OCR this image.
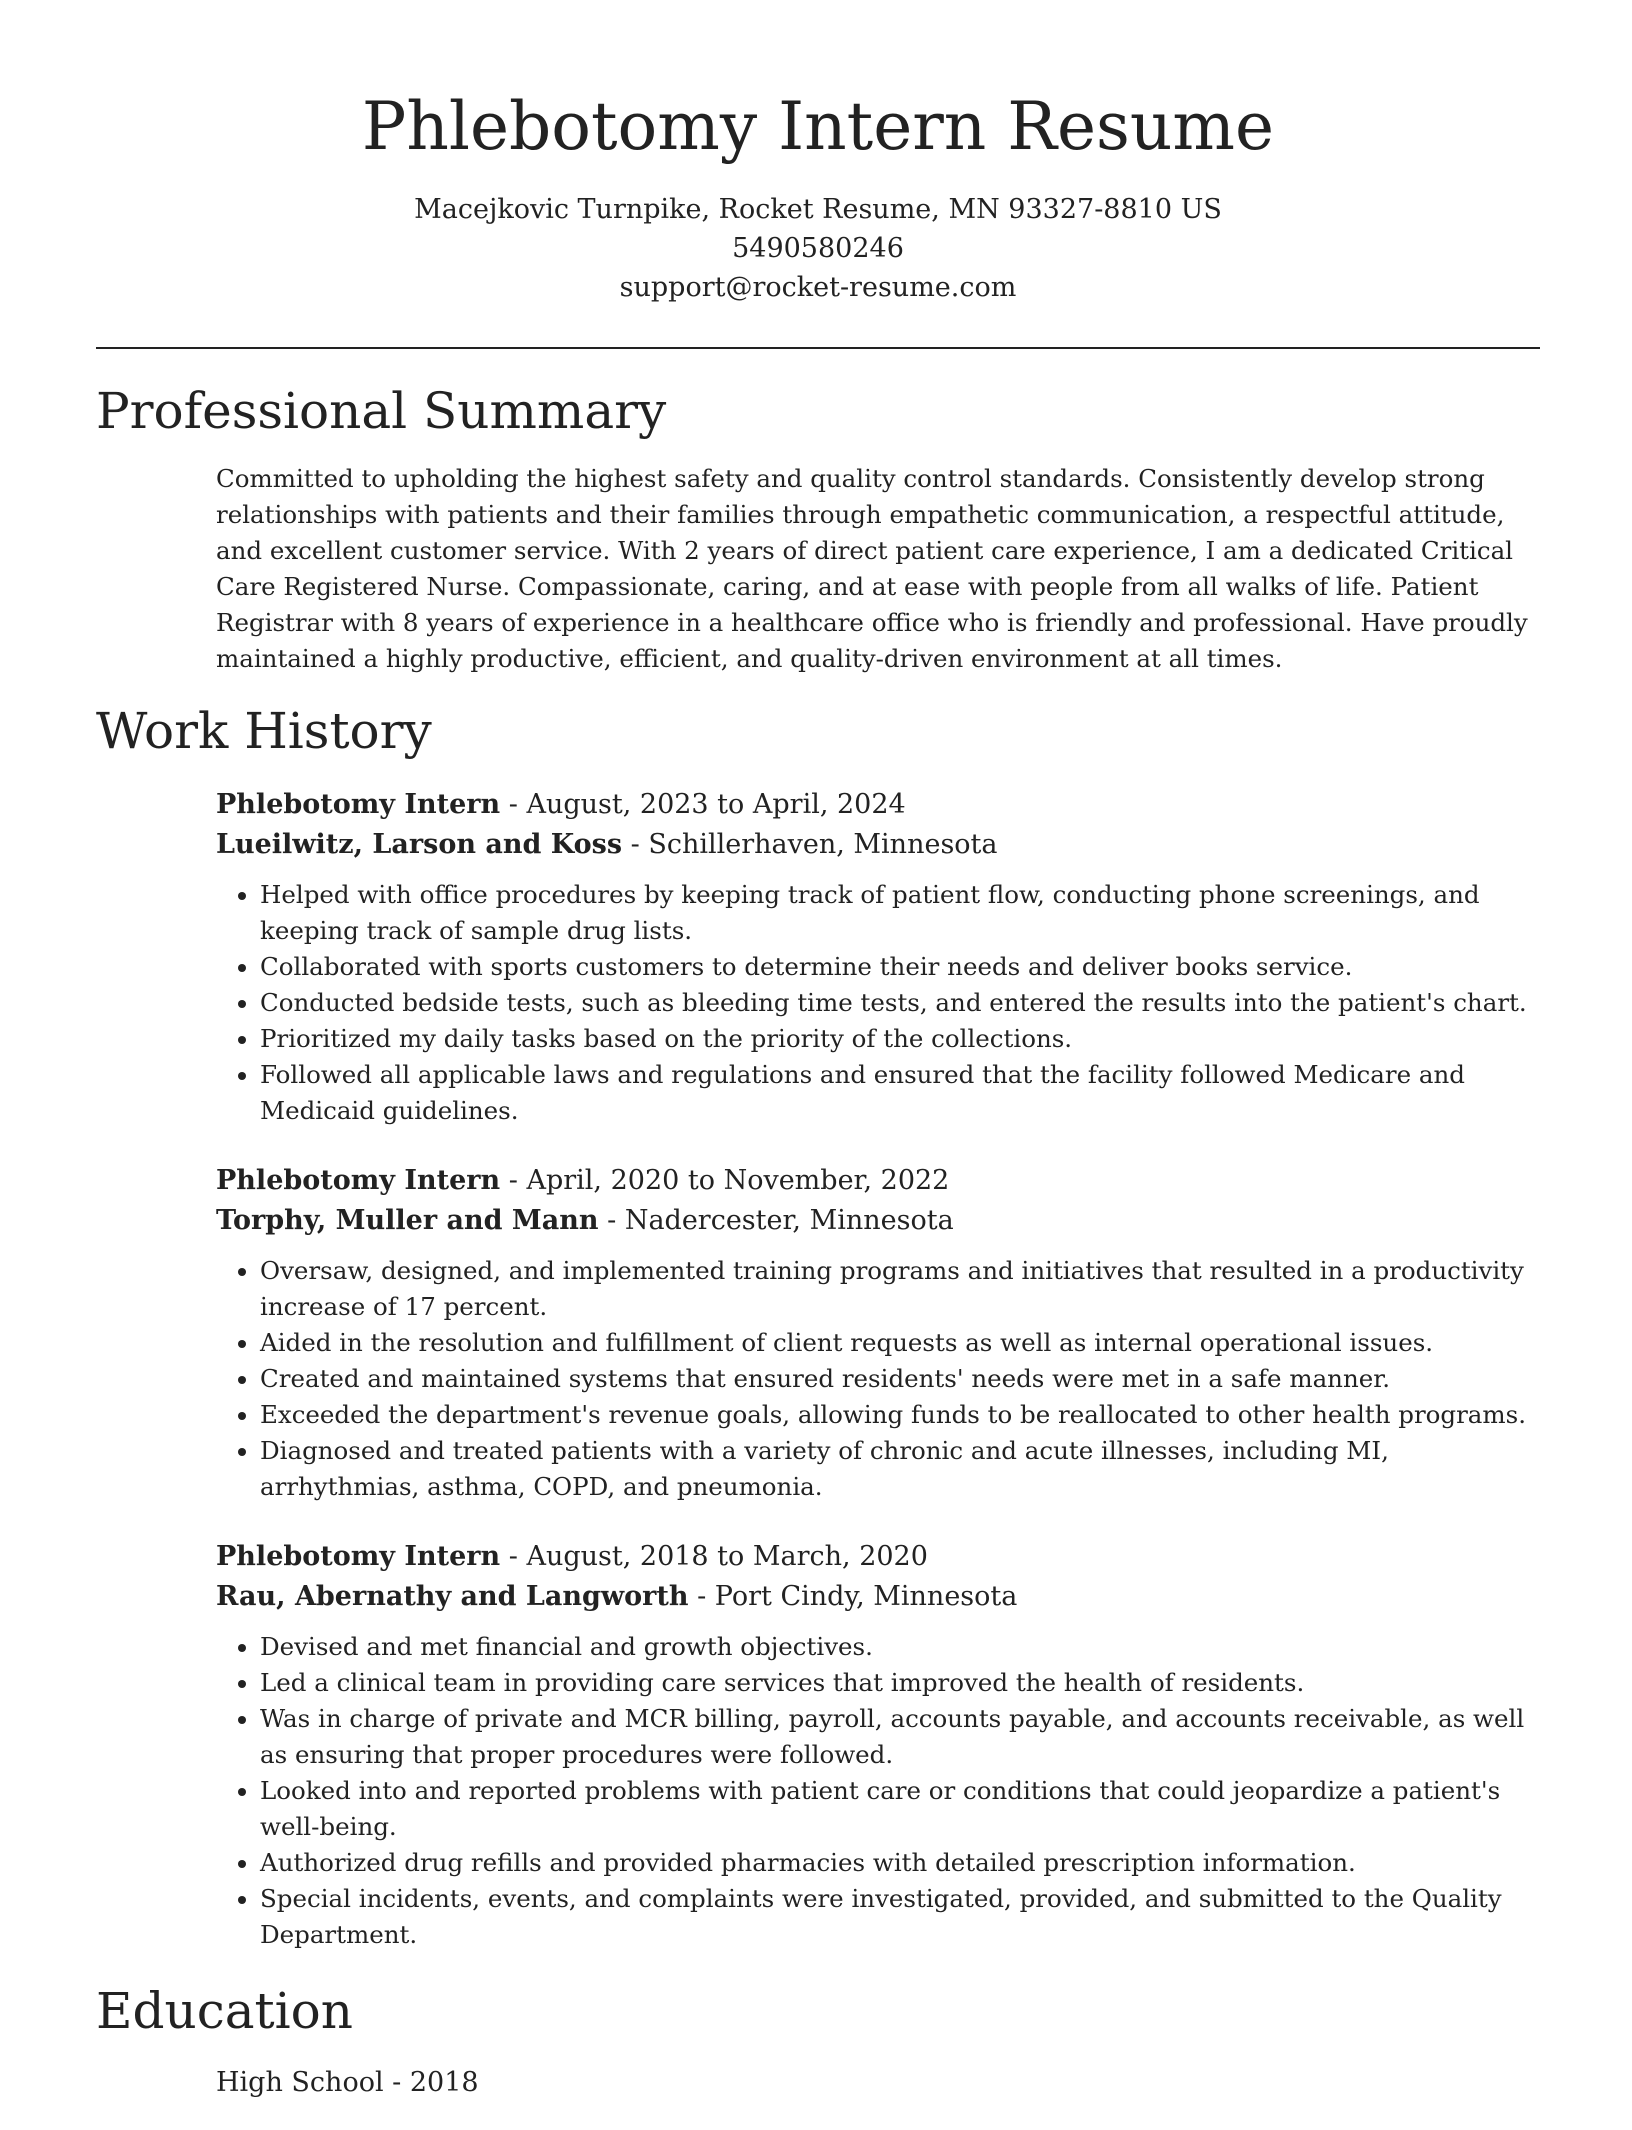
Phlebotomy Intern Resume
Macejkovic Turnpike, Rocket Resume, MN 93327-8810 US
5490580246
support@rocket-resume.com
Professional Summary

Committed to upholding the highest safety and quality control standards. Consistently develop strong relationships with patients and their families through empathetic communication, a respectful attitude, and excellent customer service. With 2 years of direct patient care experience, I am a dedicated Critical Care Registered Nurse. Compassionate, caring, and at ease with people from all walks of life. Patient Registrar with 8 years of experience in a healthcare office who is friendly and professional. Have proudly maintained a highly productive, efficient, and quality-driven environment at all times.

Work History

Phlebotomy Intern - August, 2023 to April, 2024

Lueilwitz, Larson and Koss - Schillerhaven, Minnesota

• Helped with office procedures by keeping track of patient flow, conducting phone screenings, and keeping track of sample drug lists.
• Collaborated with sports customers to determine their needs and deliver books service.
• Conducted bedside tests, such as bleeding time tests, and entered the results into the patient's chart.
• Prioritized my daily tasks based on the priority of the collections.
• Followed all applicable laws and regulations and ensured that the facility followed Medicare and Medicaid guidelines.

Phlebotomy Intern - April, 2020 to November, 2022

Torphy, Muller and Mann - Nadercester, Minnesota

• Oversaw, designed, and implemented training programs and initiatives that resulted in a productivity increase of 17 percent.
• Aided in the resolution and fulfillment of client requests as well as internal operational issues.
• Created and maintained systems that ensured residents' needs were met in a safe manner.
• Exceeded the department's revenue goals, allowing funds to be reallocated to other health programs.
• Diagnosed and treated patients with a variety of chronic and acute illnesses, including MI, arrhythmias, asthma, COPD, and pneumonia.

Phlebotomy Intern - August, 2018 to March, 2020

Rau, Abernathy and Langworth - Port Cindy, Minnesota

• Devised and met financial and growth objectives.
• Led a clinical team in providing care services that improved the health of residents.
• Was in charge of private and MCR billing, payroll, accounts payable, and accounts receivable, as well as ensuring that proper procedures were followed.
• Looked into and reported problems with patient care or conditions that could jeopardize a patient's well-being.
• Authorized drug refills and provided pharmacies with detailed prescription information.
• Special incidents, events, and complaints were investigated, provided, and submitted to the Quality Department.
Education

High School - 2018
